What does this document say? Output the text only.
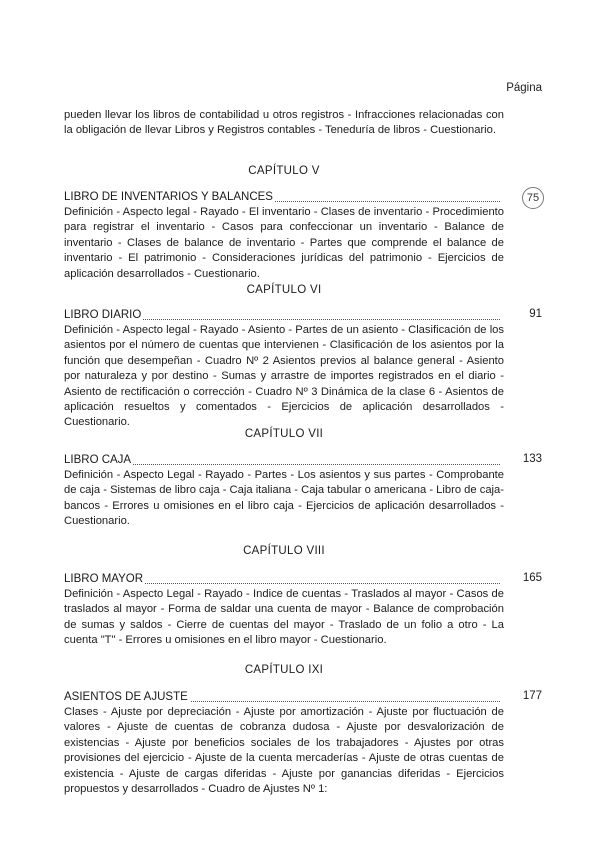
Página

pueden llevar los libros de contabilidad u otros registros - Infracciones relacionadas con la obligación de llevar Libros y Registros contables - Teneduría de libros - Cuestionario.

CAPÍTULO V
LIBRO DE INVENTARIOS Y BALANCES

Definición - Aspecto legal - Rayado - El inventario - Clases de inventario - Procedimiento para registrar el inventario - Casos para confeccionar un inventario - Balance de inventario - Clases de balance de inventario - Partes que comprende el balance de inventario - El patrimonio - Consideraciones jurídicas del patrimonio - Ejercicios de aplicación desarrollados - Cuestionario.

75
CAPÍTULO VI
LIBRO DIARIO

Definición - Aspecto legal - Rayado - Asiento - Partes de un asiento - Clasificación de los asientos por el número de cuentas que intervienen - Clasificación de los asientos por la función que desempeñan - Cuadro Nº 2 Asientos previos al balance general - Asiento por naturaleza y por destino - Sumas y arrastre de importes registrados en el diario - Asiento de rectificación o corrección - Cuadro Nº 3 Dinámica de la clase 6 - Asientos de aplicación resueltos y comentados - Ejercicios de aplicación desarrollados - Cuestionario.

91
CAPÍTULO VII
LIBRO CAJA

Definición - Aspecto Legal - Rayado - Partes - Los asientos y sus partes - Comprobante de caja - Sistemas de libro caja - Caja italiana - Caja tabular o americana - Libro de caja-bancos - Errores u omisiones en el libro caja - Ejercicios de aplicación desarrollados - Cuestionario.

133
CAPÍTULO VIII
LIBRO MAYOR

Definición - Aspecto Legal - Rayado - Indice de cuentas - Traslados al mayor - Casos de traslados al mayor - Forma de saldar una cuenta de mayor - Balance de comprobación de sumas y saldos - Cierre de cuentas del mayor - Traslado de un folio a otro - La cuenta "T" - Errores u omisiones en el libro mayor - Cuestionario.

165
CAPÍTULO IXI
ASIENTOS DE AJUSTE

Clases - Ajuste por depreciación - Ajuste por amortización - Ajuste por fluctuación de valores - Ajuste de cuentas de cobranza dudosa - Ajuste por desvalorización de existencias - Ajuste por beneficios sociales de los trabajadores - Ajustes por otras provisiones del ejercicio - Ajuste de la cuenta mercaderías - Ajuste de otras cuentas de existencia - Ajuste de cargas diferidas - Ajuste por ganancias diferidas - Ejercicios propuestos y desarrollados - Cuadro de Ajustes Nº 1:

177
